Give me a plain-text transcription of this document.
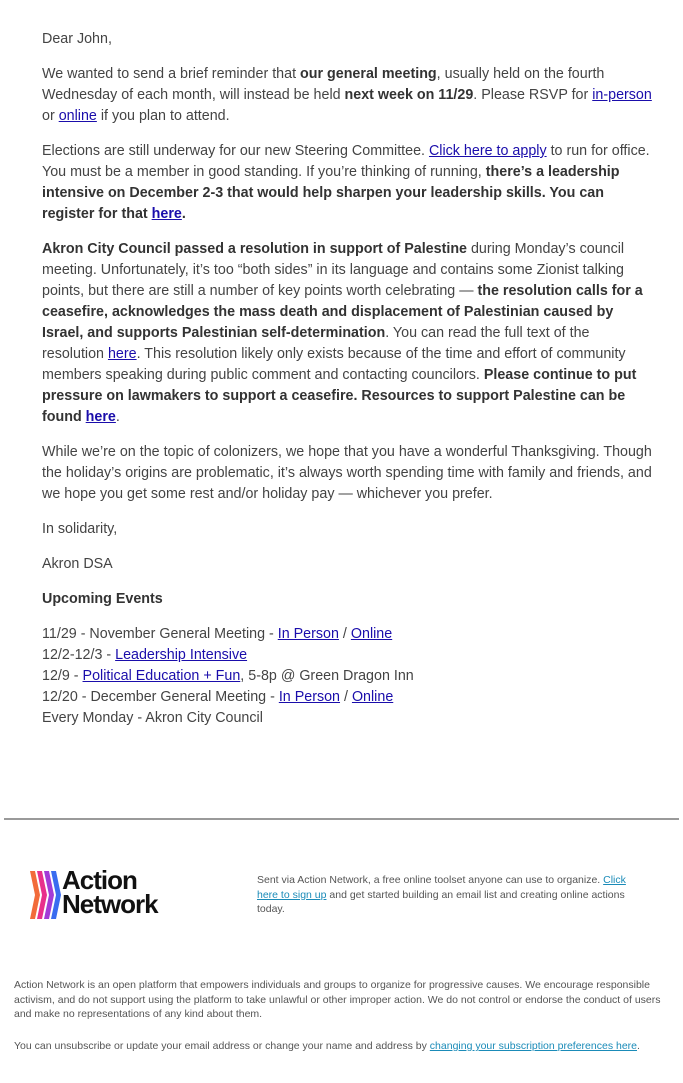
Dear John,

We wanted to send a brief reminder that our general meeting, usually held on the fourth Wednesday of each month, will instead be held next week on 11/29. Please RSVP for in-person or online if you plan to attend.

Elections are still underway for our new Steering Committee. Click here to apply to run for office. You must be a member in good standing. If you’re thinking of running, there’s a leadership intensive on December 2-3 that would help sharpen your leadership skills. You can register for that here.

Akron City Council passed a resolution in support of Palestine during Monday’s council meeting. Unfortunately, it’s too “both sides” in its language and contains some Zionist talking points, but there are still a number of key points worth celebrating — the resolution calls for a ceasefire, acknowledges the mass death and displacement of Palestinian caused by Israel, and supports Palestinian self-determination. You can read the full text of the resolution here. This resolution likely only exists because of the time and effort of community members speaking during public comment and contacting councilors. Please continue to put pressure on lawmakers to support a ceasefire. Resources to support Palestine can be found here.

While we’re on the topic of colonizers, we hope that you have a wonderful Thanksgiving. Though the holiday’s origins are problematic, it’s always worth spending time with family and friends, and we hope you get some rest and/or holiday pay — whichever you prefer.

In solidarity,

Akron DSA

Upcoming Events

11/29 - November General Meeting - In Person / Online
12/2-12/3 - Leadership Intensive
12/9 - Political Education + Fun, 5-8p @ Green Dragon Inn
12/20 - December General Meeting - In Person / Online
Every Monday - Akron City Council
Action
Network
Sent via Action Network, a free online toolset anyone can use to organize. Click here to sign up and get started building an email list and creating online actions today.
Action Network is an open platform that empowers individuals and groups to organize for progressive causes. We encourage responsible activism, and do not support using the platform to take unlawful or other improper action. We do not control or endorse the conduct of users and make no representations of any kind about them.
You can unsubscribe or update your email address or change your name and address by changing your subscription preferences here.
